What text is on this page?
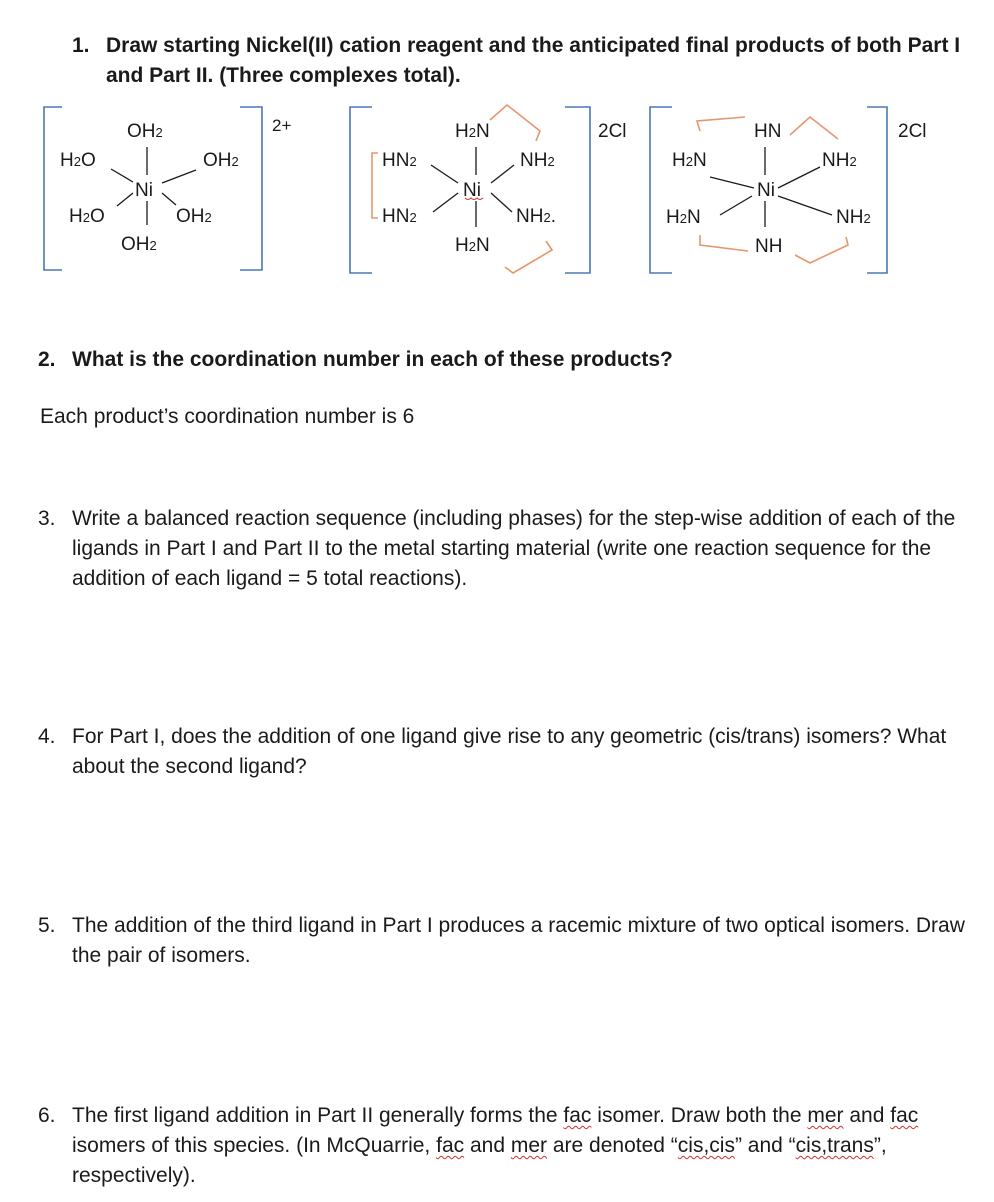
1. Draw starting Nickel(II) cation reagent and the anticipated final products of both Part I and Part II. (Three complexes total).
OH2
H2O	OH2
Ni
H2O	OH2
OH2
2+	H2N
HN2	NH2
Ni
HN2	NH2.
H2N
2Cl	HN
H2N	NH2
Ni
H2N	NH2
NH
2Cl
2. What is the coordination number in each of these products?
Each product’s coordination number is 6
3. Write a balanced reaction sequence (including phases) for the step-wise addition of each of the ligands in Part I and Part II to the metal starting material (write one reaction sequence for the addition of each ligand = 5 total reactions).
4. For Part I, does the addition of one ligand give rise to any geometric (cis/trans) isomers? What about the second ligand?
5. The addition of the third ligand in Part I produces a racemic mixture of two optical isomers. Draw the pair of isomers.
6. The first ligand addition in Part II generally forms the fac isomer. Draw both the mer and fac isomers of this species. (In McQuarrie, fac and mer are denoted “cis,cis” and “cis,trans”, respectively).
